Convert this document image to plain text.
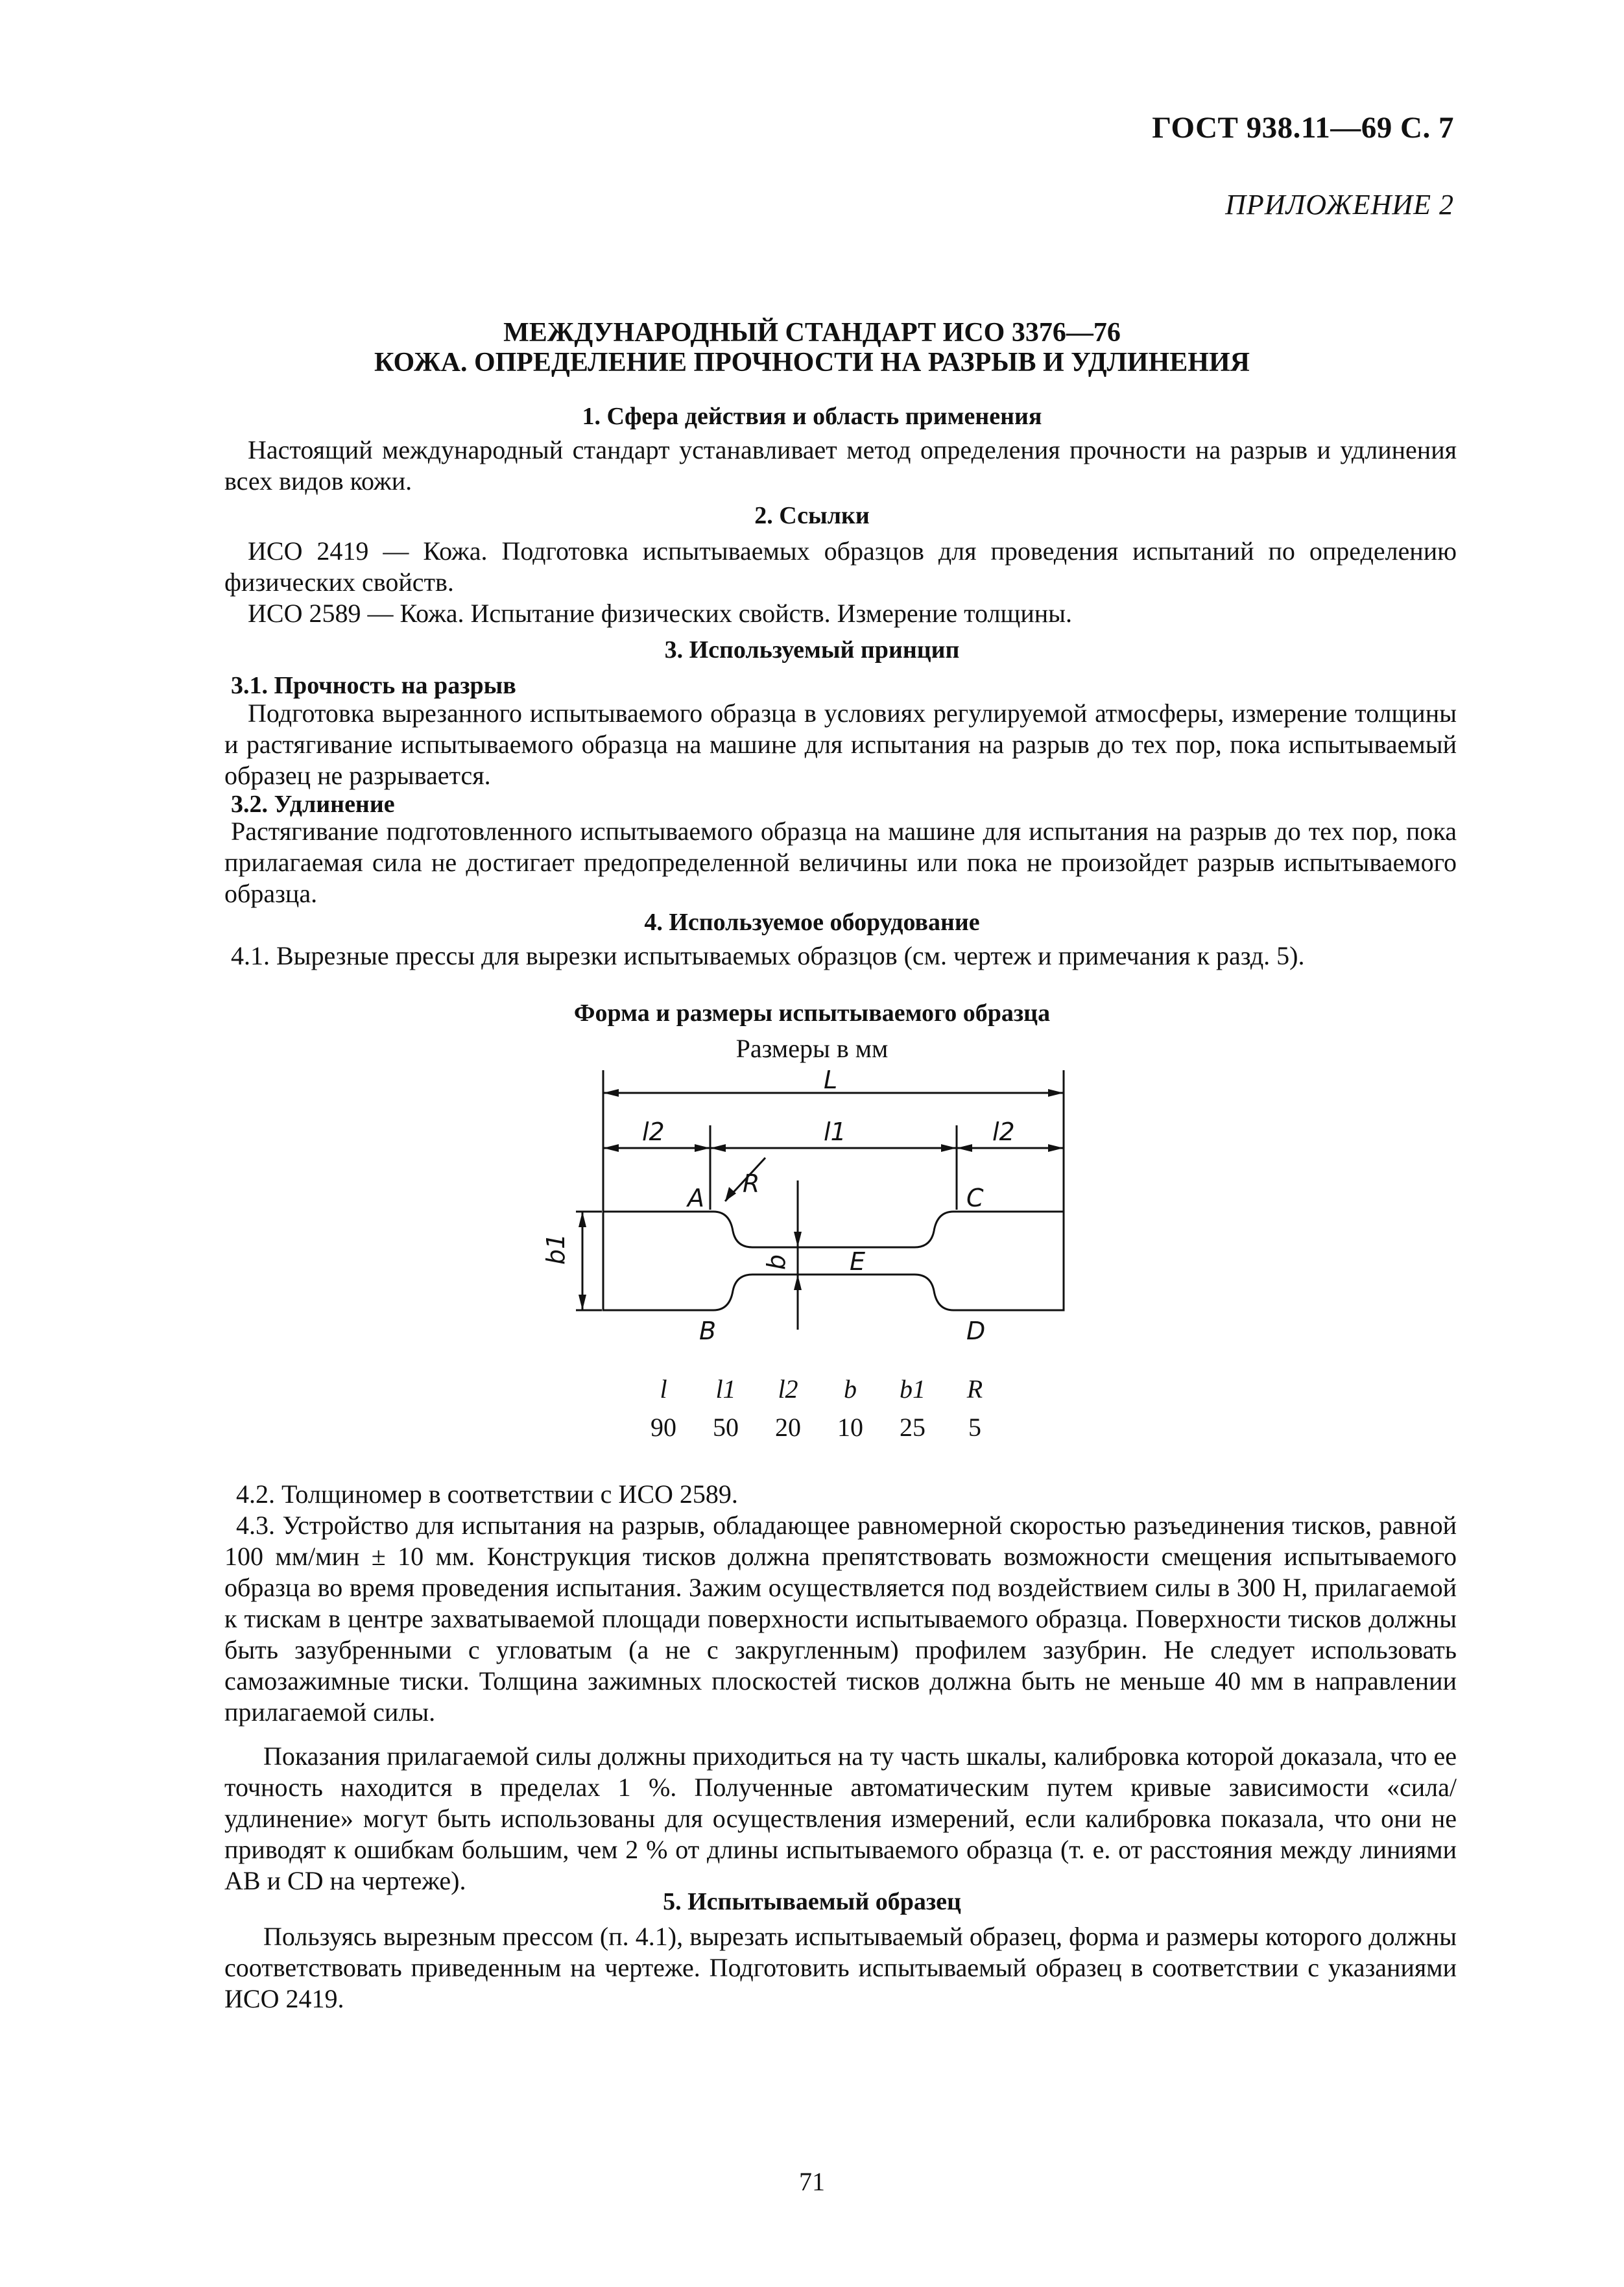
ГОСТ 938.11—69 С. 7
ПРИЛОЖЕНИЕ 2
МЕЖДУНАРОДНЫЙ СТАНДАРТ ИСО 3376—76
КОЖА. ОПРЕДЕЛЕНИЕ ПРОЧНОСТИ НА РАЗРЫВ И УДЛИНЕНИЯ
1. Сфера действия и область применения

Настоящий международный стандарт устанавливает метод определения прочности на разрыв и удлинения всех видов кожи.

2. Ссылки

ИСО 2419 — Кожа. Подготовка испытываемых образцов для проведения испытаний по определению физических свойств.

ИСО 2589 — Кожа. Испытание физических свойств. Измерение толщины.

3. Используемый принцип
3.1. Прочность на разрыв

Подготовка вырезанного испытываемого образца в условиях регулируемой атмосферы, измерение толщины и растягивание испытываемого образца на машине для испытания на разрыв до тех пор, пока испытываемый образец не разрывается.

3.2. Удлинение

Растягивание подготовленного испытываемого образца на машине для испытания на разрыв до тех пор, пока прилагаемая сила не достигает предопределенной величины или пока не произойдет разрыв испытываемого образца.

4. Используемое оборудование

4.1. Вырезные прессы для вырезки испытываемых образцов (см. чертеж и примечания к разд. 5).

Форма и размеры испытываемого образца
Размеры в мм
L
l2	l1	l2
A R	C
b1	b E
B	D
l	l1	l2	b	b1	R
90	50	20	10	25	5

4.2. Толщиномер в соответствии с ИСО 2589.

4.3. Устройство для испытания на разрыв, обладающее равномерной скоростью разъединения тисков, равной 100 мм/мин ± 10 мм. Конструкция тисков должна препятствовать возможности смещения испытываемого образца во время проведения испытания. Зажим осуществляется под воздействием силы в 300 Н, прилагаемой к тискам в центре захватываемой площади поверхности испытываемого образца. Поверхности тисков должны быть зазубренными с угловатым (а не с закругленным) профилем зазубрин. Не следует использовать самозажимные тиски. Толщина зажимных плоскостей тисков должна быть не меньше 40 мм в направлении прилагаемой силы.

Показания прилагаемой силы должны приходиться на ту часть шкалы, калибровка которой доказала, что ее точность находится в пределах 1 %. Полученные автоматическим путем кривые зависимости «сила/удлинение» могут быть использованы для осуществления измерений, если калибровка показала, что они не приводят к ошибкам большим, чем 2 % от длины испытываемого образца (т. е. от расстояния между линиями AB и CD на чертеже).

5. Испытываемый образец

Пользуясь вырезным прессом (п. 4.1), вырезать испытываемый образец, форма и размеры которого должны соответствовать приведенным на чертеже. Подготовить испытываемый образец в соответствии с указаниями ИСО 2419.

71
